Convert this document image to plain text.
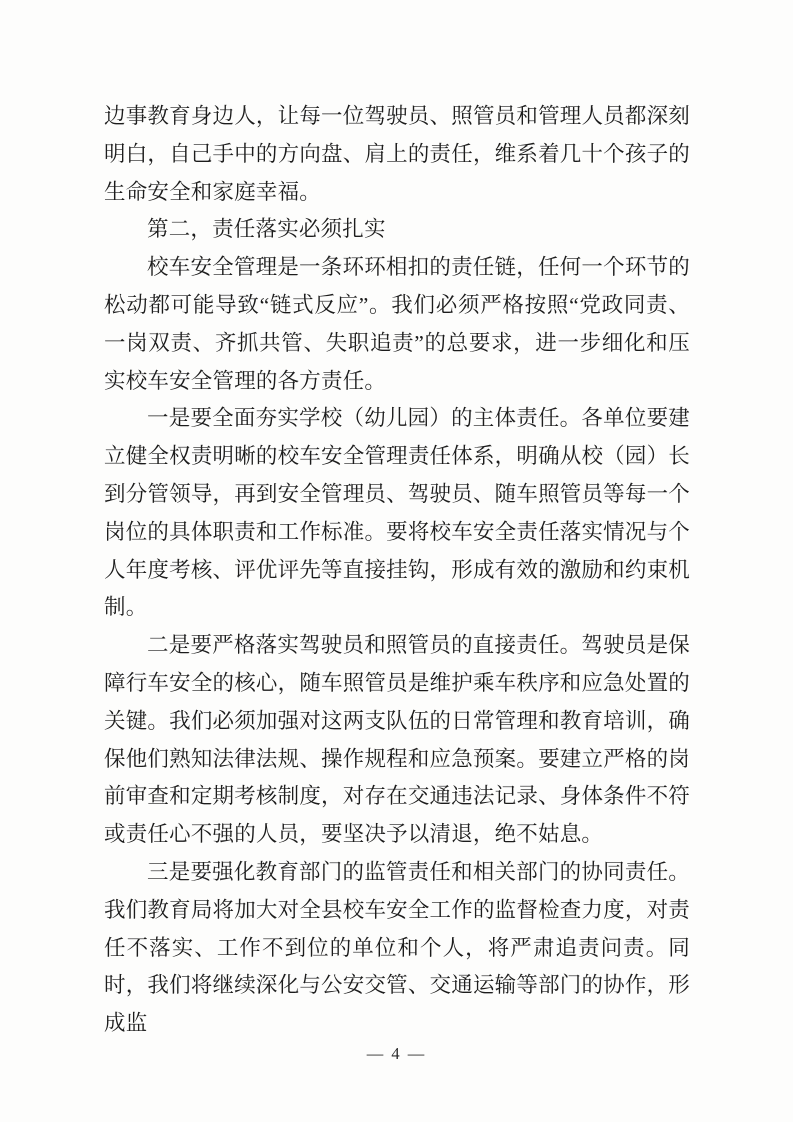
边事教育身边人，让每一位驾驶员、照管员和管理人员都深刻明白，自己手中的方向盘、肩上的责任，维系着几十个孩子的生命安全和家庭幸福。

第二，责任落实必须扎实

校车安全管理是一条环环相扣的责任链，任何一个环节的松动都可能导致“链式反应”。我们必须严格按照“党政同责、一岗双责、齐抓共管、失职追责”的总要求，进一步细化和压实校车安全管理的各方责任。

一是要全面夯实学校（幼儿园）的主体责任。各单位要建立健全权责明晰的校车安全管理责任体系，明确从校（园）长到分管领导，再到安全管理员、驾驶员、随车照管员等每一个岗位的具体职责和工作标准。要将校车安全责任落实情况与个人年度考核、评优评先等直接挂钩，形成有效的激励和约束机制。

二是要严格落实驾驶员和照管员的直接责任。驾驶员是保障行车安全的核心，随车照管员是维护乘车秩序和应急处置的关键。我们必须加强对这两支队伍的日常管理和教育培训，确保他们熟知法律法规、操作规程和应急预案。要建立严格的岗前审查和定期考核制度，对存在交通违法记录、身体条件不符或责任心不强的人员，要坚决予以清退，绝不姑息。

三是要强化教育部门的监管责任和相关部门的协同责任。我们教育局将加大对全县校车安全工作的监督检查力度，对责任不落实、工作不到位的单位和个人，将严肃追责问责。同时，我们将继续深化与公安交管、交通运输等部门的协作，形成监

— 4 —
